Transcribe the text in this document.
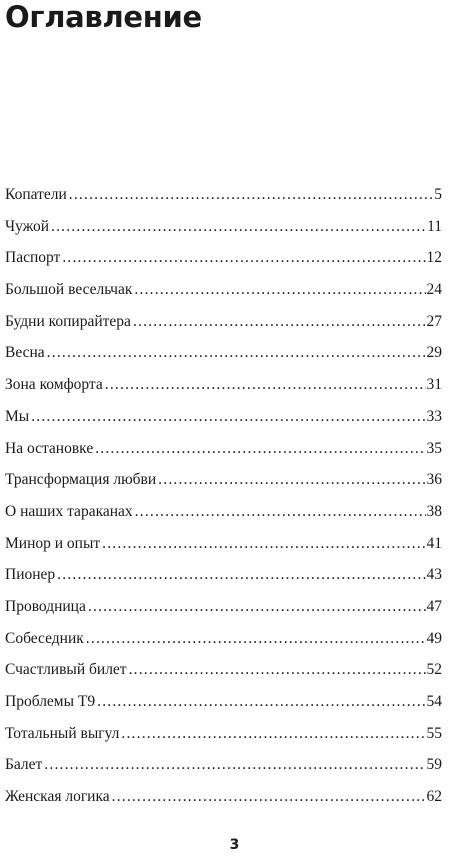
Оглавление
Копатели .....	5
Чужой .....	11
Паспорт .....	12
Большой весельчак .....	24
Будни копирайтера .....	27
Весна .....	29
Зона комфорта .....	31
Мы .....	33
На остановке .....	35
Трансформация любви .....	36
О наших тараканах .....	38
Минор и опыт .....	41
Пионер .....	43
Проводница .....	47
Собеседник .....	49
Счастливый билет .....	52
Проблемы Т9 .....	54
Тотальный выгул .....	55
Балет .....	59
Женская логика .....	62
3
